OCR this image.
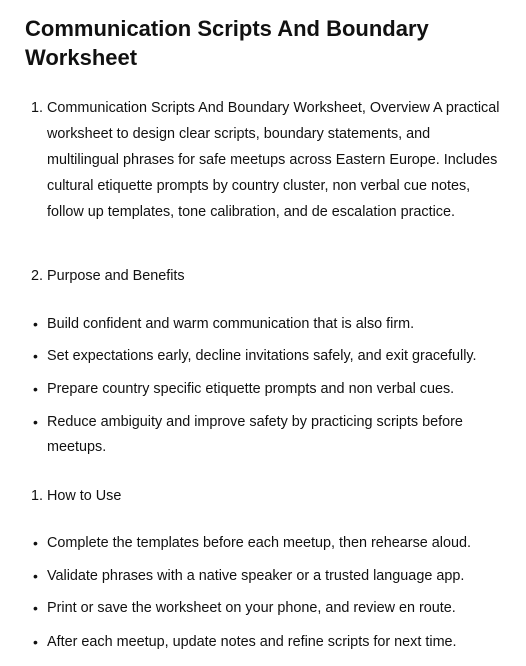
Communication Scripts And Boundary Worksheet
1. Communication Scripts And Boundary Worksheet, Overview A practical worksheet to design clear scripts, boundary statements, and multilingual phrases for safe meetups across Eastern Europe. Includes cultural etiquette prompts by country cluster, non verbal cue notes, follow up templates, tone calibration, and de escalation practice.
2. Purpose and Benefits
• Build confident and warm communication that is also firm.
• Set expectations early, decline invitations safely, and exit gracefully.
• Prepare country specific etiquette prompts and non verbal cues.
• Reduce ambiguity and improve safety by practicing scripts before meetups.
1. How to Use
• Complete the templates before each meetup, then rehearse aloud.
• Validate phrases with a native speaker or a trusted language app.
• Print or save the worksheet on your phone, and review en route.
• After each meetup, update notes and refine scripts for next time.
